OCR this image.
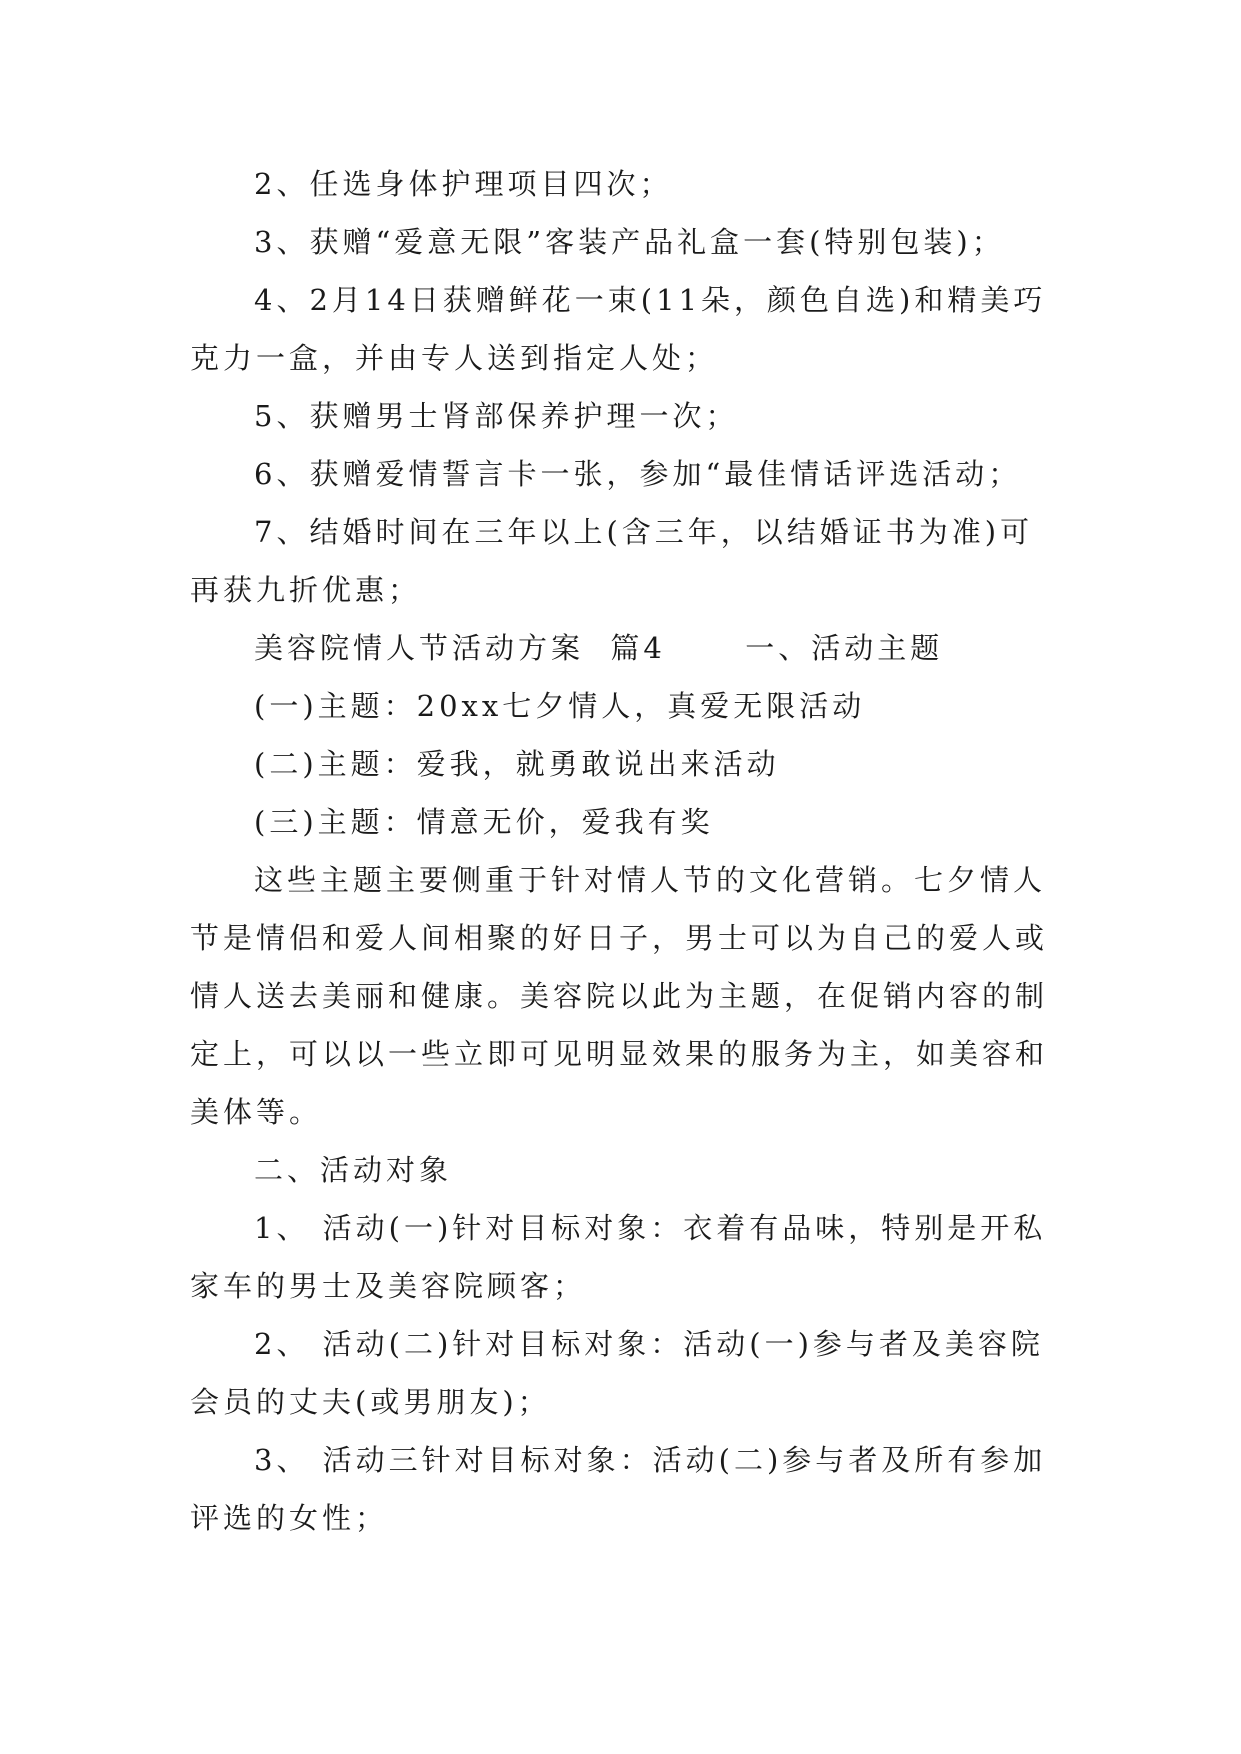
2、任选身体护理项目四次；

3、获赠“爱意无限”客装产品礼盒一套(特别包装)；

4、2月14日获赠鲜花一束(11朵，颜色自选)和精美巧克力一盒，并由专人送到指定人处；

5、获赠男士肾部保养护理一次；

6、获赠爱情誓言卡一张，参加“最佳情话评选活动；

7、结婚时间在三年以上(含三年，以结婚证书为准)可再获九折优惠；

美容院情人节活动方案  篇4      一、活动主题

(一)主题：20xx七夕情人，真爱无限活动

(二)主题：爱我，就勇敢说出来活动

(三)主题：情意无价，爱我有奖

这些主题主要侧重于针对情人节的文化营销。七夕情人节是情侣和爱人间相聚的好日子，男士可以为自己的爱人或情人送去美丽和健康。美容院以此为主题，在促销内容的制定上，可以以一些立即可见明显效果的服务为主，如美容和美体等。

二、活动对象

1、 活动(一)针对目标对象：衣着有品味，特别是开私家车的男士及美容院顾客；

2、 活动(二)针对目标对象：活动(一)参与者及美容院会员的丈夫(或男朋友)；

3、 活动三针对目标对象：活动(二)参与者及所有参加评选的女性；
